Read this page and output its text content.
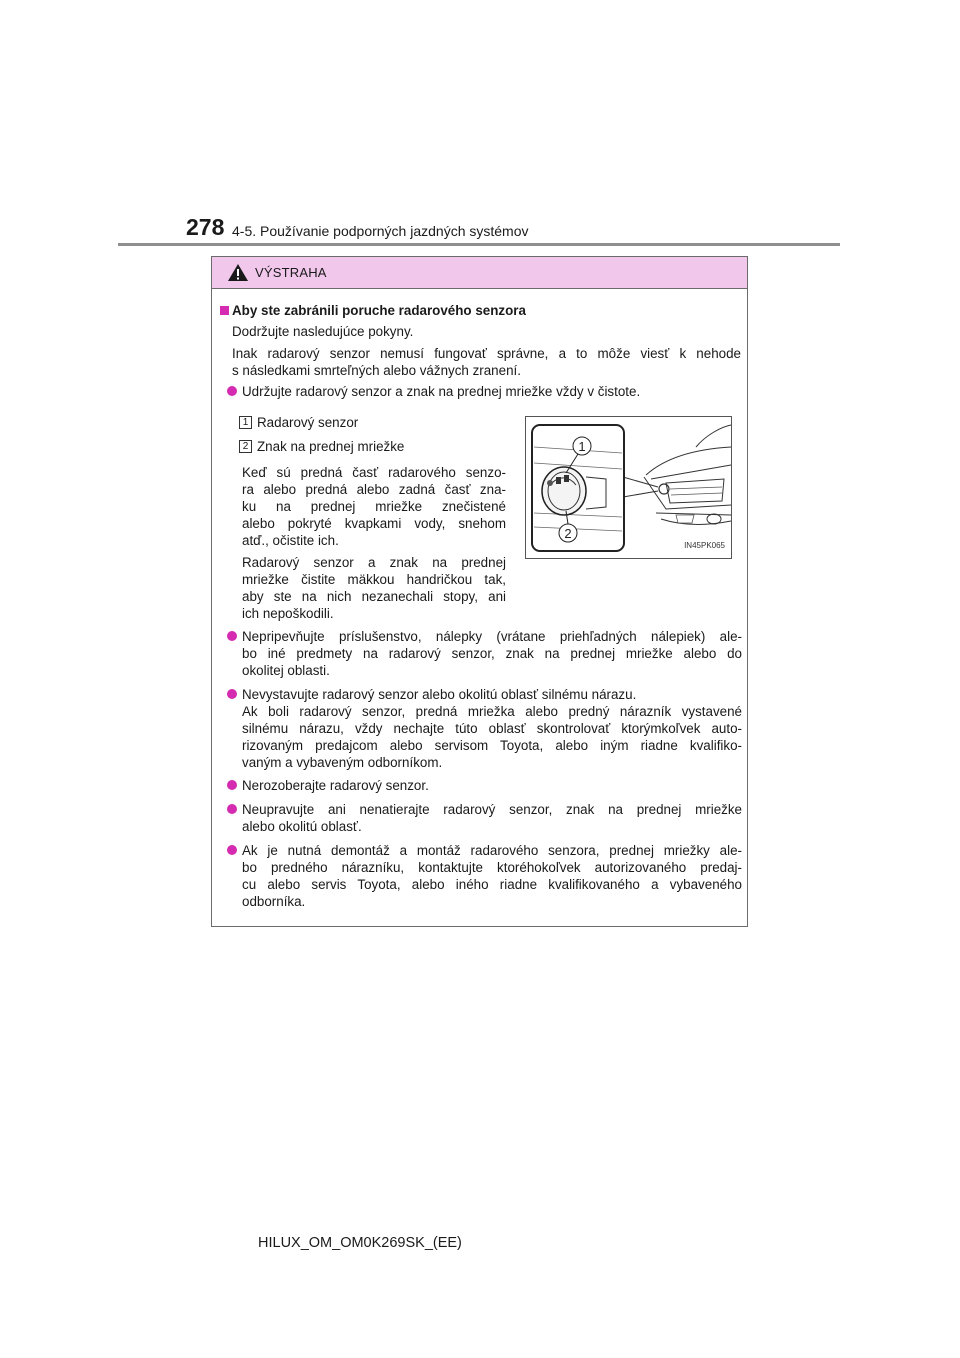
278 4-5. Používanie podporných jazdných systémov
VÝSTRAHA
Aby ste zabránili poruche radarového senzora
Dodržujte nasledujúce pokyny.
Inak radarový senzor nemusí fungovať správne, a to môže viesť k nehode
s následkami smrteľných alebo vážnych zranení.
Udržujte radarový senzor a znak na prednej mriežke vždy v čistote.
1 Radarový senzor
2 Znak na prednej mriežke
Keď sú predná časť radarového senzo-
ra alebo predná alebo zadná časť zna-
ku na prednej mriežke znečistené
alebo pokryté kvapkami vody, snehom
atď., očistite ich.
Radarový senzor a znak na prednej
mriežke čistite mäkkou handričkou tak,
aby ste na nich nezanechali stopy, ani
ich nepoškodili.
1
2
IN45PK065
Nepripevňujte príslušenstvo, nálepky (vrátane priehľadných nálepiek) ale-
bo iné predmety na radarový senzor, znak na prednej mriežke alebo do
okolitej oblasti.
Nevystavujte radarový senzor alebo okolitú oblasť silnému nárazu.
Ak boli radarový senzor, predná mriežka alebo predný nárazník vystavené
silnému nárazu, vždy nechajte túto oblasť skontrolovať ktorýmkoľvek auto-
rizovaným predajcom alebo servisom Toyota, alebo iným riadne kvalifiko-
vaným a vybaveným odborníkom.
Nerozoberajte radarový senzor.
Neupravujte ani nenatierajte radarový senzor, znak na prednej mriežke
alebo okolitú oblasť.
Ak je nutná demontáž a montáž radarového senzora, prednej mriežky ale-
bo predného nárazníku, kontaktujte ktoréhokoľvek autorizovaného predaj-
cu alebo servis Toyota, alebo iného riadne kvalifikovaného a vybaveného
odborníka.
HILUX_OM_OM0K269SK_(EE)
